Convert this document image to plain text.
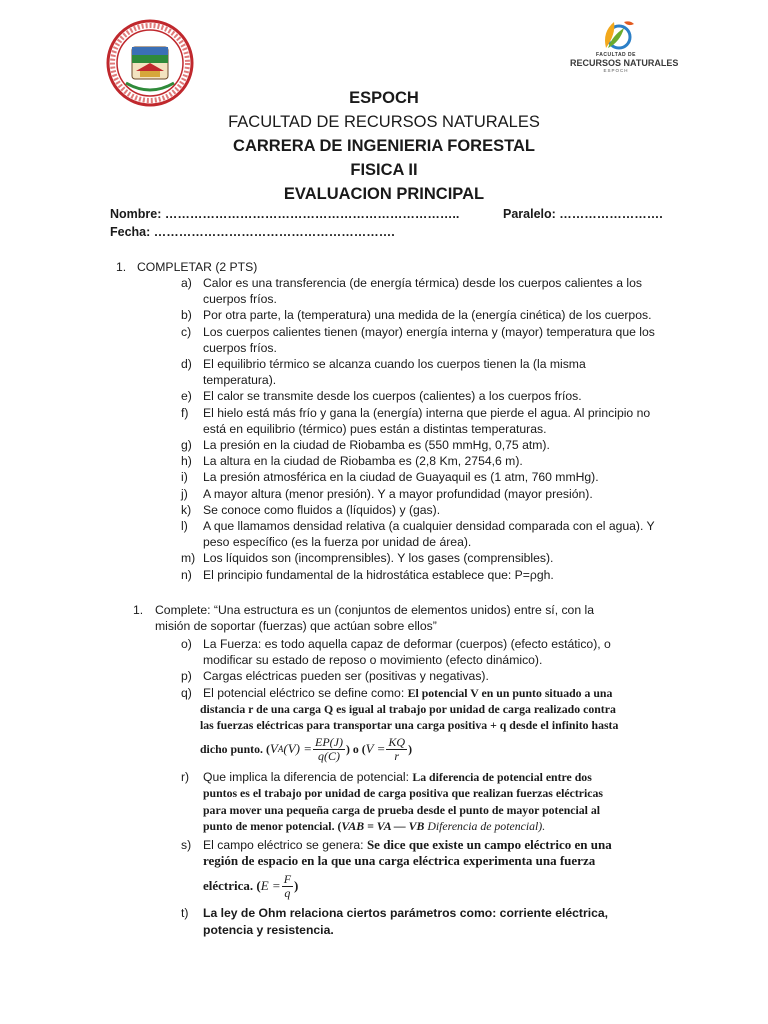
FACULTAD DE
RECURSOS NATURALES
ESPOCH
ESPOCH
FACULTAD DE RECURSOS NATURALES
CARRERA DE INGENIERIA FORESTAL
FISICA II
EVALUACION PRINCIPAL
Nombre: ……………………………………………………………..	Paralelo: …………………….
Fecha: ………………………………………………….
1. COMPLETAR (2 PTS)
a) Calor es una transferencia (de energía térmica) desde los cuerpos calientes a los cuerpos fríos.
b) Por otra parte, la (temperatura) una medida de la (energía cinética) de los cuerpos.
c) Los cuerpos calientes tienen (mayor) energía interna y (mayor) temperatura que los cuerpos fríos.
d) El equilibrio térmico se alcanza cuando los cuerpos tienen la (la misma temperatura).
e) El calor se transmite desde los cuerpos (calientes) a los cuerpos fríos.
f)	El hielo está más frío y gana la (energía) interna que pierde el agua. Al principio no está en equilibrio (térmico) pues están a distintas temperaturas.
g) La presión en la ciudad de Riobamba es (550 mmHg, 0,75 atm).
h) La altura en la ciudad de Riobamba es (2,8 Km, 2754,6 m).
i)	La presión atmosférica en la ciudad de Guayaquil es (1 atm, 760 mmHg).
j)	A mayor altura (menor presión). Y a mayor profundidad (mayor presión).
k) Se conoce como fluidos a (líquidos) y (gas).
l)	A que llamamos densidad relativa (a cualquier densidad comparada con el agua). Y peso específico (es la fuerza por unidad de área).
m) Los líquidos son (incomprensibles). Y los gases (comprensibles).
n) El principio fundamental de la hidrostática establece que: P=ρgh.
1. Complete: “Una estructura es un (conjuntos de elementos unidos) entre sí, con la
misión de soportar (fuerzas) que actúan sobre ellos”
o) La Fuerza: es todo aquella capaz de deformar (cuerpos) (efecto estático), o modificar su estado de reposo o movimiento (efecto dinámico).
p) Cargas eléctricas pueden ser (positivas y negativas).
q) El potencial eléctrico se define como: El potencial V en un punto situado a una
distancia r de una carga Q es igual al trabajo por unidad de carga realizado contra
las fuerzas eléctricas para transportar una carga positiva + q desde el infinito hasta
dicho punto. ( V A ( V ) = $\frac{EP(J)}{q(C)}$ ) o ( $V = \frac{KQ}{r}$ )
r)	Que implica la diferencia de potencial: La diferencia de potencial entre dos
puntos es el trabajo por unidad de carga positiva que realizan fuerzas eléctricas
para mover una pequeña carga de prueba desde el punto de mayor potencial al
punto de menor potencial. (VAB = VA — VB Diferencia de potencial).
s) El campo eléctrico se genera: Se dice que existe un campo eléctrico en una
región de espacio en la que una carga eléctrica experimenta una fuerza
eléctrica. ( $E = \frac{F}{q}$ )
t)	La ley de Ohm relaciona ciertos parámetros como: corriente eléctrica, potencia y resistencia.
